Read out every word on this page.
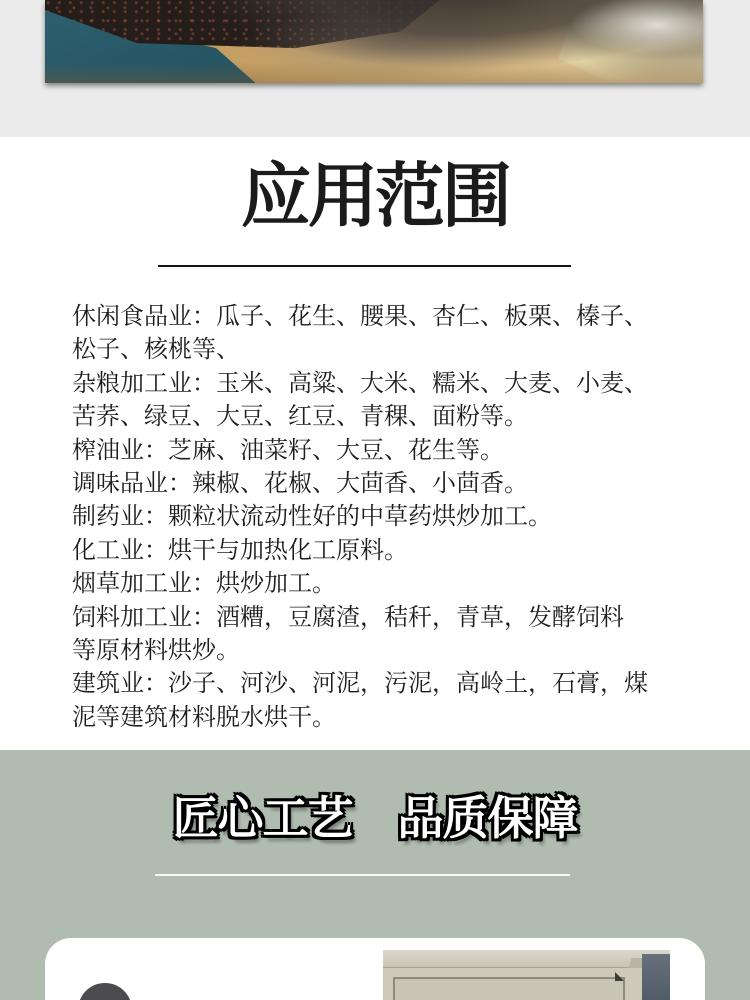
应用范围
休闲食品业：瓜子、花生、腰果、杏仁、板栗、榛子、
松子、核桃等、
杂粮加工业：玉米、高粱、大米、糯米、大麦、小麦、
苦荞、绿豆、大豆、红豆、青稞、面粉等。
榨油业：芝麻、油菜籽、大豆、花生等。
调味品业：辣椒、花椒、大茴香、小茴香。
制药业：颗粒状流动性好的中草药烘炒加工。
化工业：烘干与加热化工原料。
烟草加工业：烘炒加工。
饲料加工业：酒糟，豆腐渣，秸秆，青草，发酵饲料
等原材料烘炒。
建筑业：沙子、河沙、河泥，污泥，高岭土，石膏，煤
泥等建筑材料脱水烘干。
匠心工艺　品质保障
